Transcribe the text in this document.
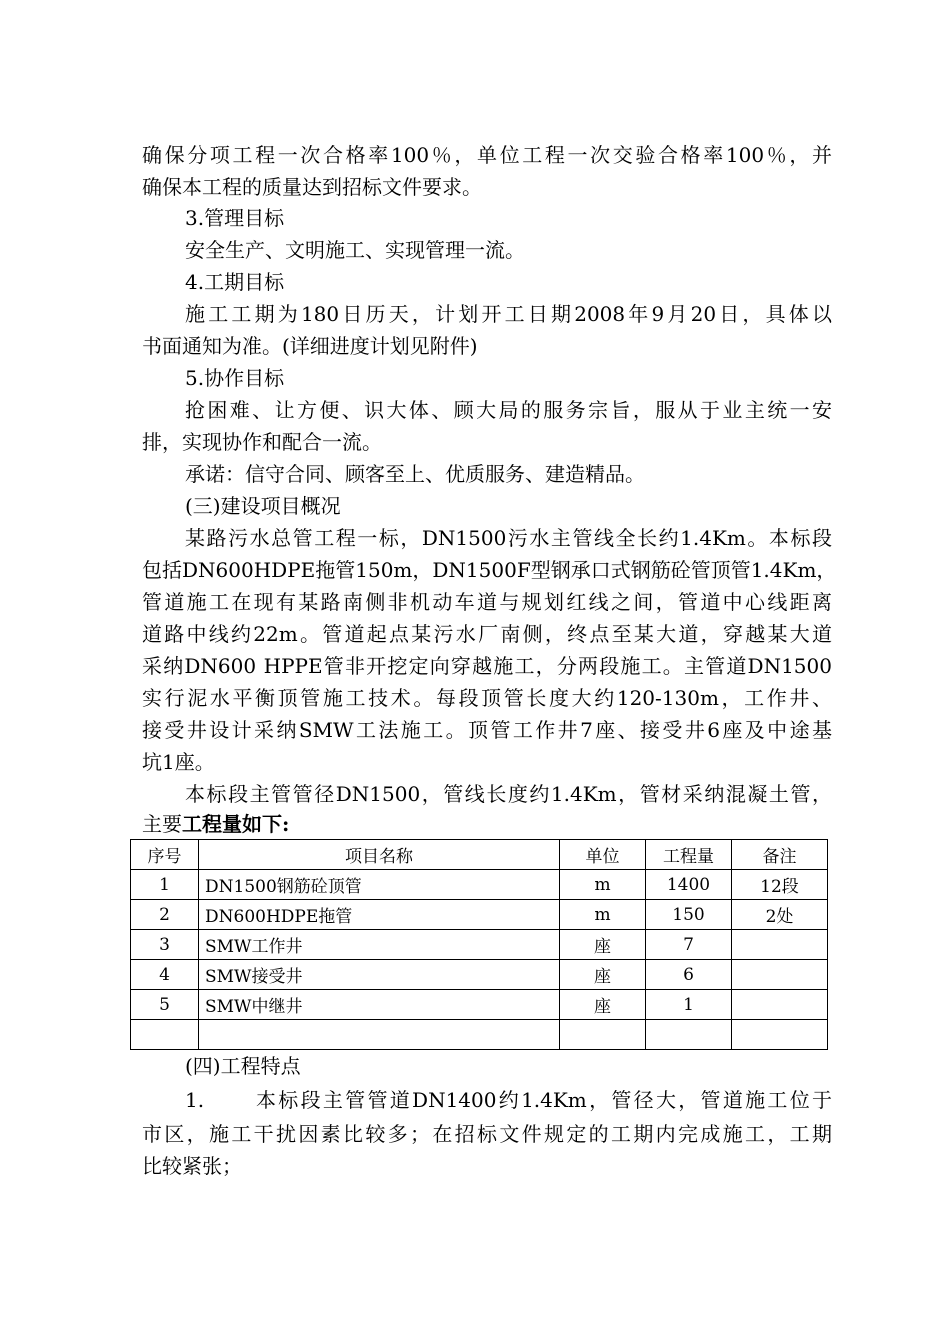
确保分项工程一次合格率100％，单位工程一次交验合格率100％，并
确保本工程的质量达到招标文件要求。
3.管理目标
安全生产、文明施工、实现管理一流。
4.工期目标
施工工期为180日历天，计划开工日期2008年9月20日，具体以
书面通知为准。(详细进度计划见附件)
5.协作目标
抢困难、让方便、识大体、顾大局的服务宗旨，服从于业主统一安
排，实现协作和配合一流。
承诺：信守合同、顾客至上、优质服务、建造精品。
(三)建设项目概况
某路污水总管工程一标，DN1500污水主管线全长约1.4Km。本标段
包括DN600HDPE拖管150m，DN1500F型钢承口式钢筋砼管顶管1.4Km，
管道施工在现有某路南侧非机动车道与规划红线之间，管道中心线距离
道路中线约22m。管道起点某污水厂南侧，终点至某大道，穿越某大道
采纳DN600 HPPE管非开挖定向穿越施工，分两段施工。主管道DN1500
实行泥水平衡顶管施工技术。每段顶管长度大约120-130m，工作井、
接受井设计采纳SMW工法施工。顶管工作井7座、接受井6座及中途基
坑1座。
本标段主管管径DN1500，管线长度约1.4Km，管材采纳混凝土管，
主要工程量如下:
序号	项目名称	单位	工程量	备注
1	DN1500钢筋砼顶管	m	1400	12段
2	DN600HDPE拖管	m	150	2处
3	SMW工作井	座	7	
4	SMW接受井	座	6	
5	SMW中继井	座	1	

(四)工程特点
1.	本标段主管管道DN1400约1.4Km，管径大，管道施工位于
市区，施工干扰因素比较多；在招标文件规定的工期内完成施工，工期
比较紧张；
